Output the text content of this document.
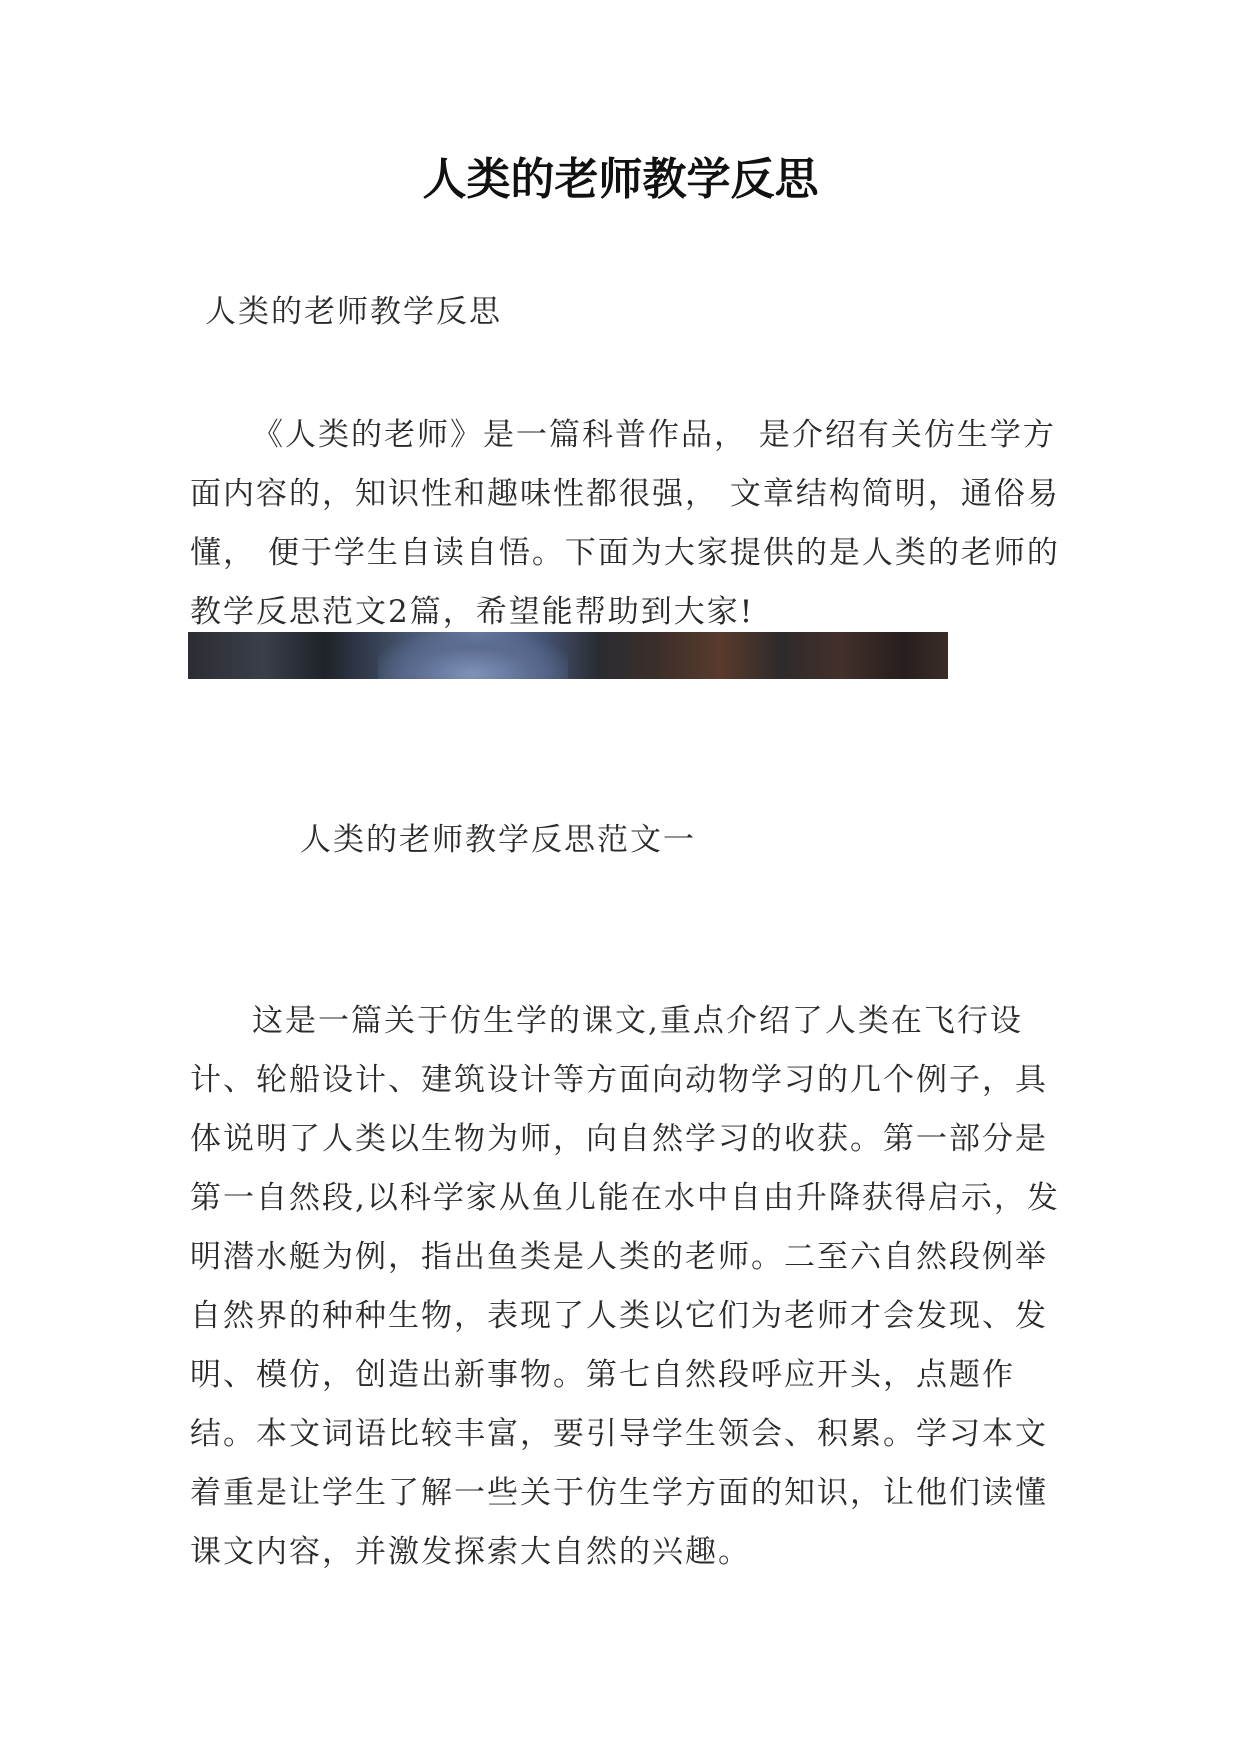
人类的老师教学反思

人类的老师教学反思

《人类的老师》是一篇科普作品， 是介绍有关仿生学方面内容的，知识性和趣味性都很强， 文章结构简明，通俗易懂， 便于学生自读自悟。下面为大家提供的是人类的老师的教学反思范文2篇，希望能帮助到大家!

人类的老师教学反思范文一

这是一篇关于仿生学的课文,重点介绍了人类在飞行设计、轮船设计、建筑设计等方面向动物学习的几个例子，具体说明了人类以生物为师，向自然学习的收获。第一部分是第一自然段,以科学家从鱼儿能在水中自由升降获得启示，发明潜水艇为例，指出鱼类是人类的老师。二至六自然段例举自然界的种种生物，表现了人类以它们为老师才会发现、发明、模仿，创造出新事物。第七自然段呼应开头，点题作结。本文词语比较丰富，要引导学生领会、积累。学习本文着重是让学生了解一些关于仿生学方面的知识，让他们读懂课文内容，并激发探索大自然的兴趣。
